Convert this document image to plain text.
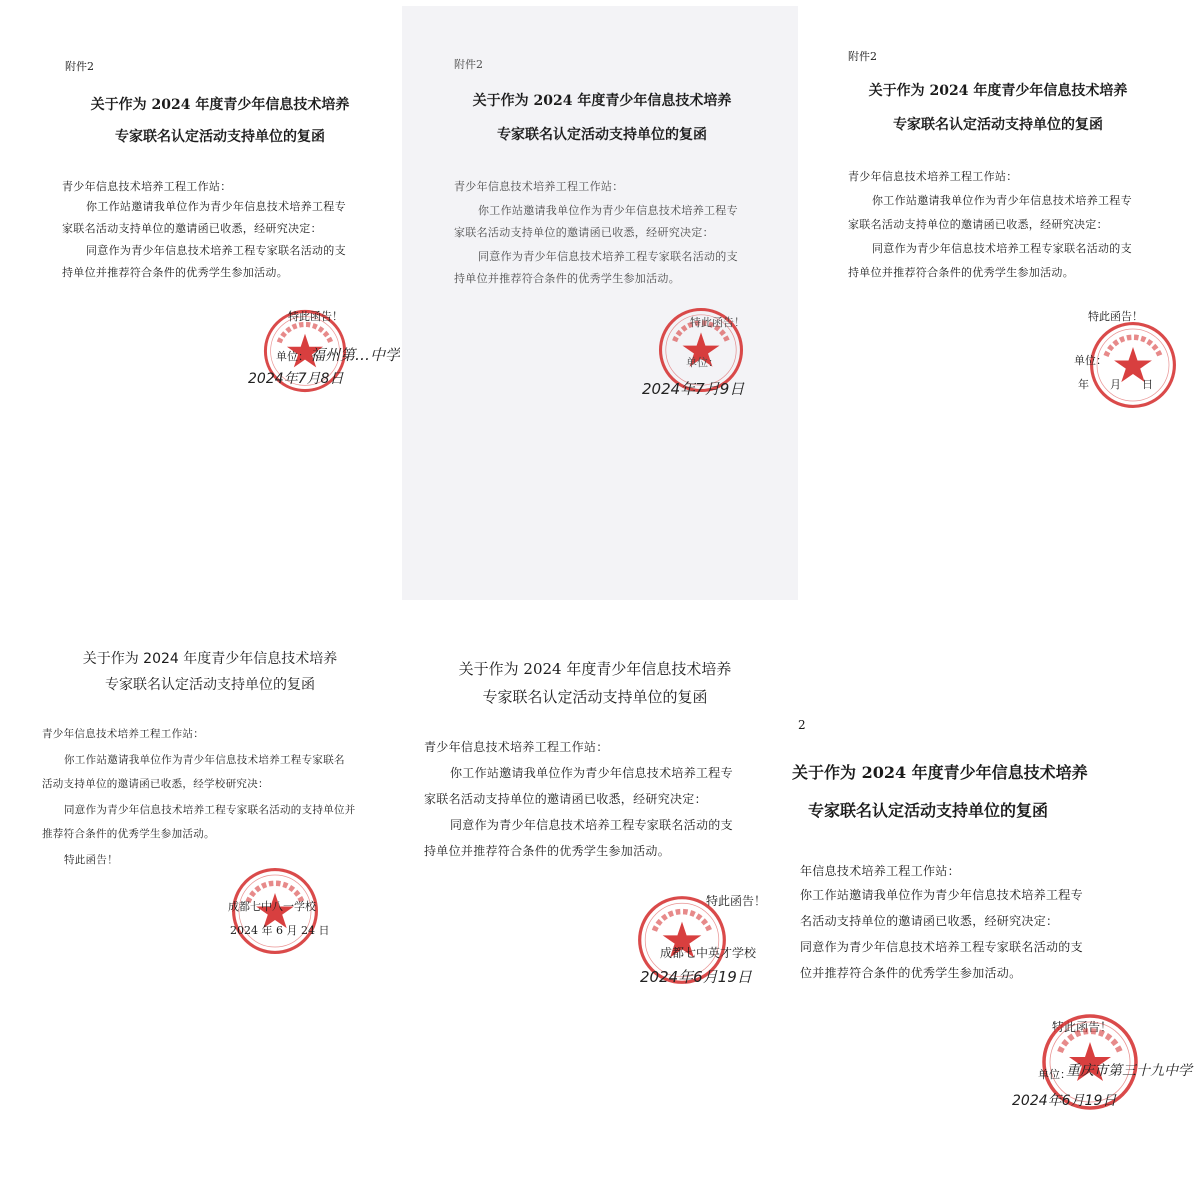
附件2
关于作为 2024 年度青少年信息技术培养
专家联名认定活动支持单位的复函
青少年信息技术培养工程工作站：
你工作站邀请我单位作为青少年信息技术培养工程专
家联名活动支持单位的邀请函已收悉，经研究决定：
同意作为青少年信息技术培养工程专家联名活动的支
持单位并推荐符合条件的优秀学生参加活动。
特此函告！
单位： 福州第…中学
2024年7月8日
附件2
关于作为 2024 年度青少年信息技术培养
专家联名认定活动支持单位的复函
青少年信息技术培养工程工作站：
你工作站邀请我单位作为青少年信息技术培养工程专
家联名活动支持单位的邀请函已收悉，经研究决定：
同意作为青少年信息技术培养工程专家联名活动的支
持单位并推荐符合条件的优秀学生参加活动。
特此函告！
单位：
2024年7月9日
附件2
关于作为 2024 年度青少年信息技术培养
专家联名认定活动支持单位的复函
青少年信息技术培养工程工作站：
你工作站邀请我单位作为青少年信息技术培养工程专
家联名活动支持单位的邀请函已收悉，经研究决定：
同意作为青少年信息技术培养工程专家联名活动的支
持单位并推荐符合条件的优秀学生参加活动。
特此函告！
单位：
年 月 日
关于作为 2024 年度青少年信息技术培养
专家联名认定活动支持单位的复函
青少年信息技术培养工程工作站：
你工作站邀请我单位作为青少年信息技术培养工程专家联名
活动支持单位的邀请函已收悉，经学校研究决：
同意作为青少年信息技术培养工程专家联名活动的支持单位并
推荐符合条件的优秀学生参加活动。
特此函告！
成都七中八一学校
2024 年 6 月 24 日
关于作为 2024 年度青少年信息技术培养
专家联名认定活动支持单位的复函
青少年信息技术培养工程工作站：
你工作站邀请我单位作为青少年信息技术培养工程专
家联名活动支持单位的邀请函已收悉，经研究决定：
同意作为青少年信息技术培养工程专家联名活动的支
持单位并推荐符合条件的优秀学生参加活动。
特此函告！
成都七中英才学校
2024年6月19日
2
关于作为 2024 年度青少年信息技术培养
专家联名认定活动支持单位的复函
年信息技术培养工程工作站：
你工作站邀请我单位作为青少年信息技术培养工程专
名活动支持单位的邀请函已收悉，经研究决定：
同意作为青少年信息技术培养工程专家联名活动的支
位并推荐符合条件的优秀学生参加活动。
特此函告！
单位：
重庆市第三十九中学
2024年6月19日
